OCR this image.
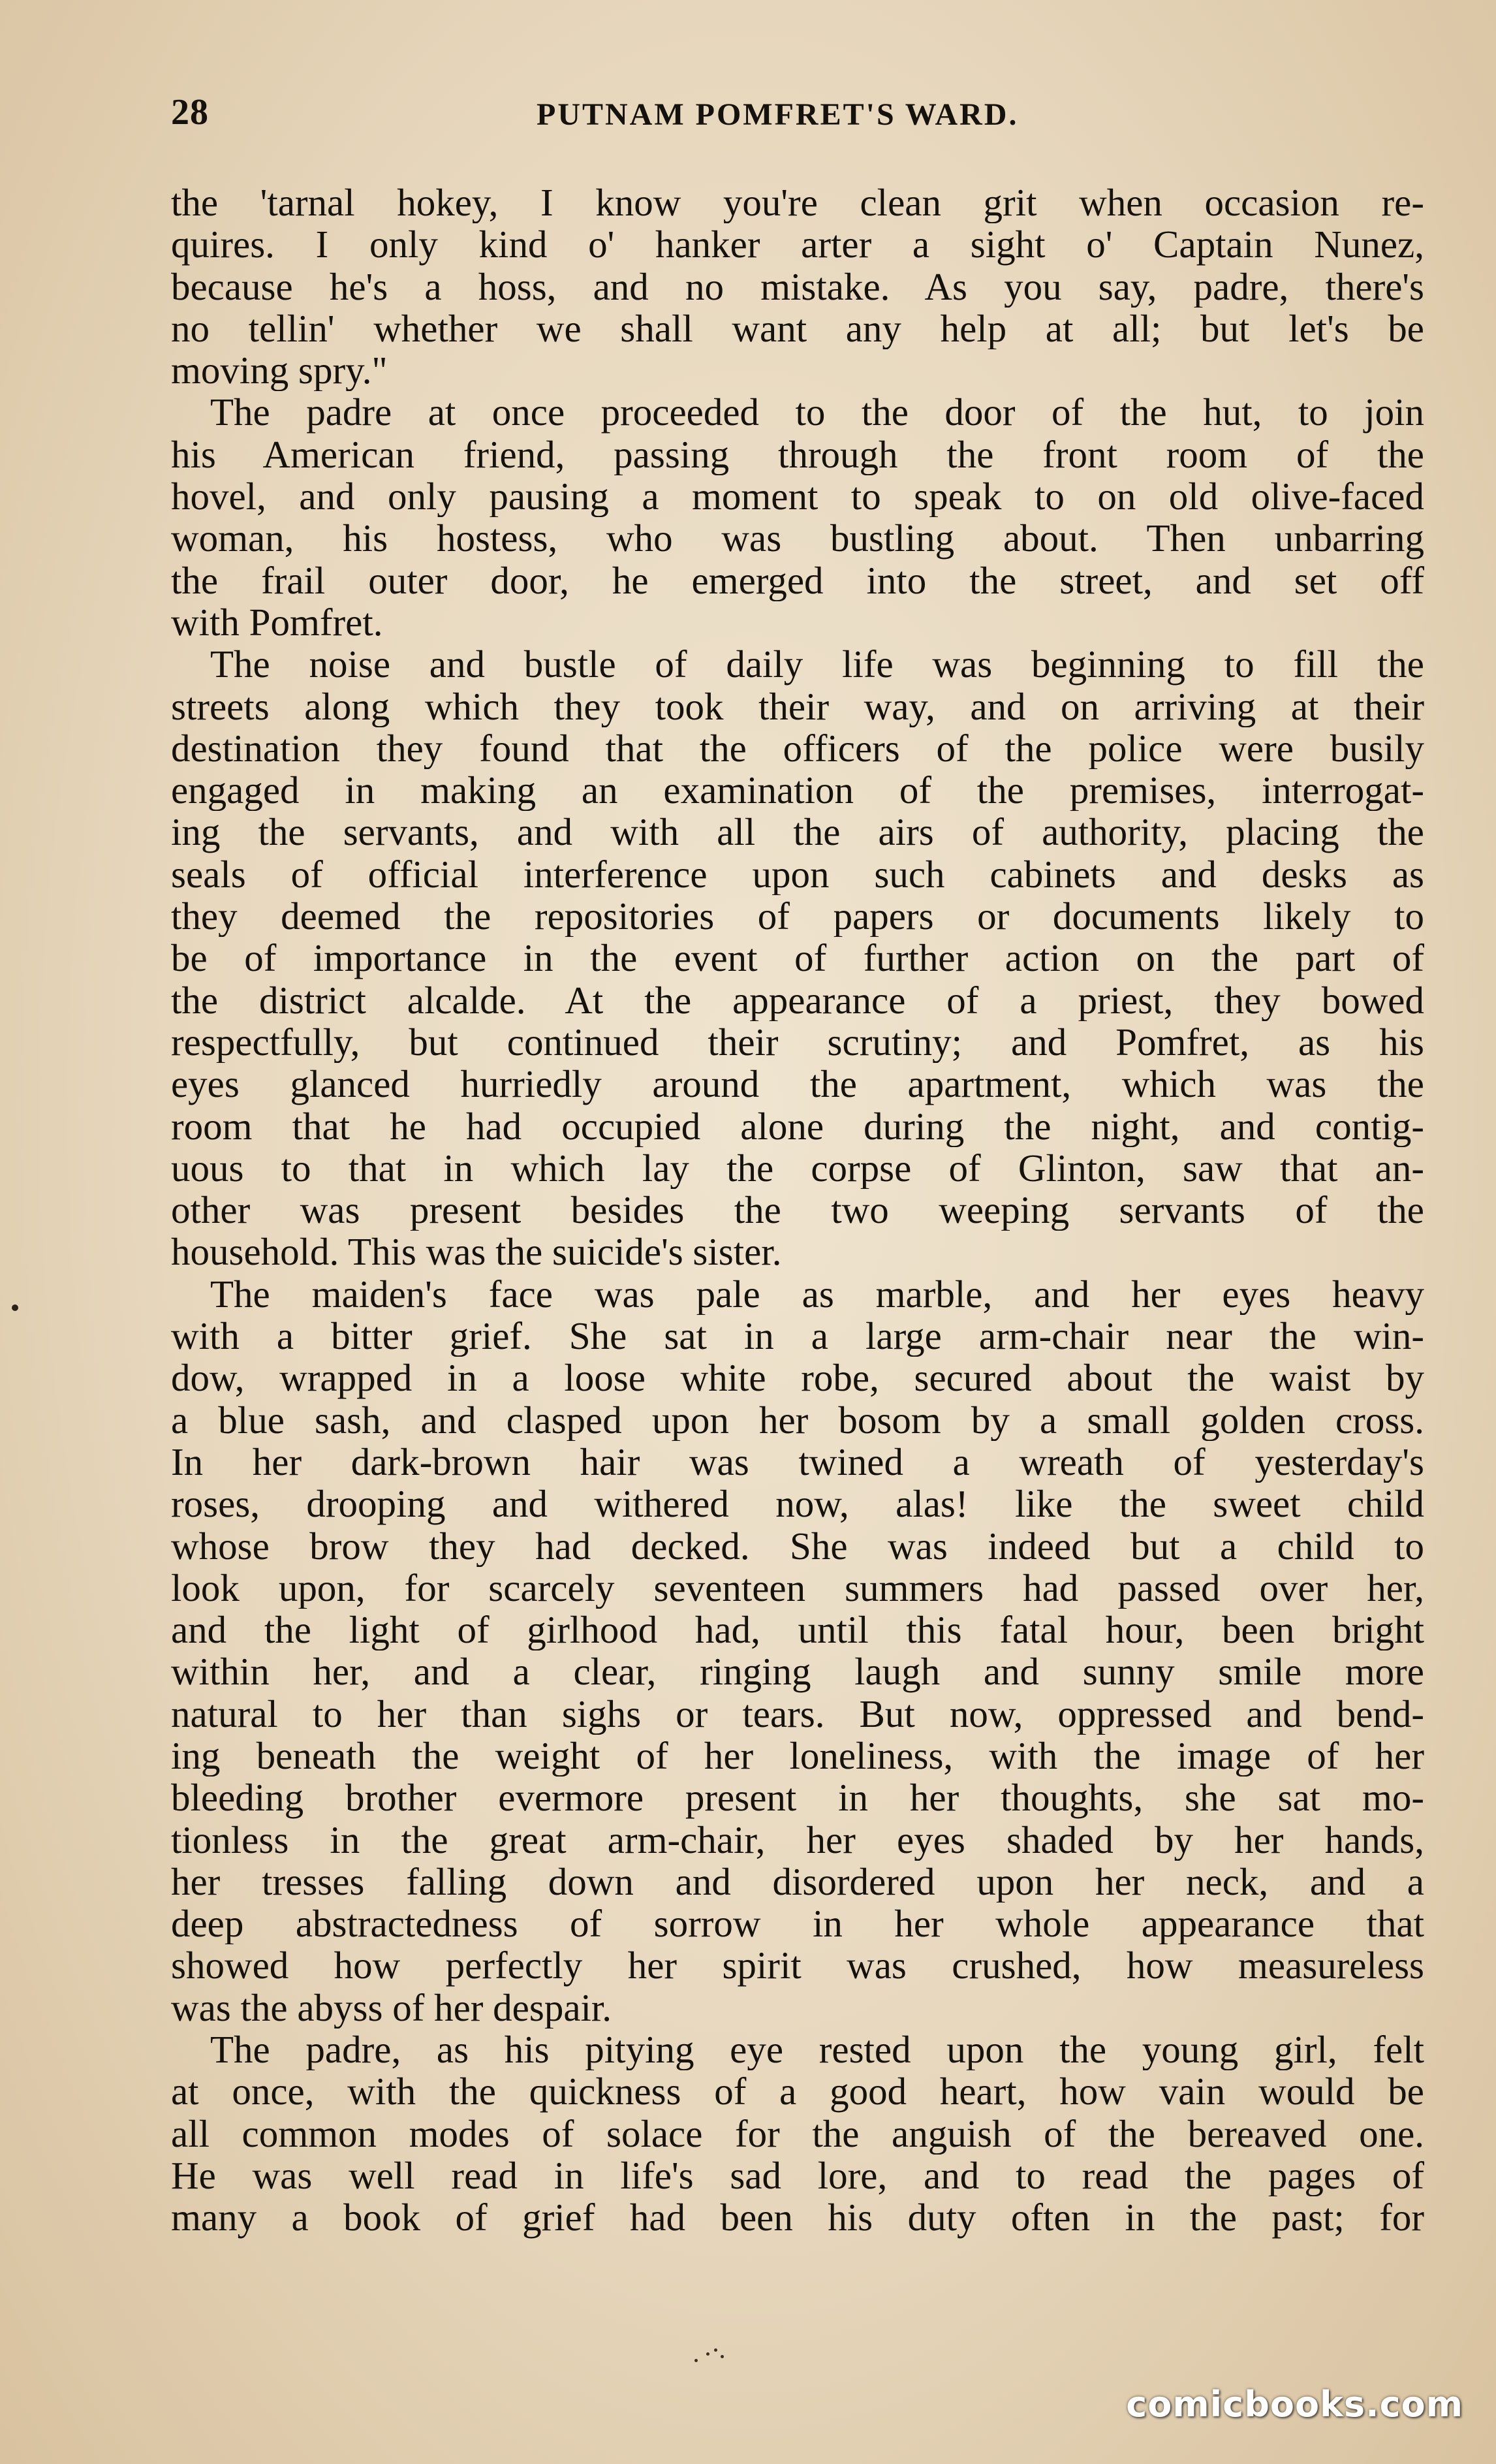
28	PUTNAM POMFRET'S WARD.
the 'tarnal hokey, I know you're clean grit when occasion re-
quires. I only kind o' hanker arter a sight o' Captain Nunez,
because he's a hoss, and no mistake. As you say, padre, there's
no tellin' whether we shall want any help at all; but let's be
moving spry."
The padre at once proceeded to the door of the hut, to join
his American friend, passing through the front room of the
hovel, and only pausing a moment to speak to on old olive-faced
woman, his hostess, who was bustling about. Then unbarring
the frail outer door, he emerged into the street, and set off
with Pomfret.
The noise and bustle of daily life was beginning to fill the
streets along which they took their way, and on arriving at their
destination they found that the officers of the police were busily
engaged in making an examination of the premises, interrogat-
ing the servants, and with all the airs of authority, placing the
seals of official interference upon such cabinets and desks as
they deemed the repositories of papers or documents likely to
be of importance in the event of further action on the part of
the district alcalde. At the appearance of a priest, they bowed
respectfully, but continued their scrutiny; and Pomfret, as his
eyes glanced hurriedly around the apartment, which was the
room that he had occupied alone during the night, and contig-
uous to that in which lay the corpse of Glinton, saw that an-
other was present besides the two weeping servants of the
household. This was the suicide's sister.
The maiden's face was pale as marble, and her eyes heavy
with a bitter grief. She sat in a large arm-chair near the win-
dow, wrapped in a loose white robe, secured about the waist by
a blue sash, and clasped upon her bosom by a small golden cross.
In her dark-brown hair was twined a wreath of yesterday's
roses, drooping and withered now, alas! like the sweet child
whose brow they had decked. She was indeed but a child to
look upon, for scarcely seventeen summers had passed over her,
and the light of girlhood had, until this fatal hour, been bright
within her, and a clear, ringing laugh and sunny smile more
natural to her than sighs or tears. But now, oppressed and bend-
ing beneath the weight of her loneliness, with the image of her
bleeding brother evermore present in her thoughts, she sat mo-
tionless in the great arm-chair, her eyes shaded by her hands,
her tresses falling down and disordered upon her neck, and a
deep abstractedness of sorrow in her whole appearance that
showed how perfectly her spirit was crushed, how measureless
was the abyss of her despair.
The padre, as his pitying eye rested upon the young girl, felt
at once, with the quickness of a good heart, how vain would be
all common modes of solace for the anguish of the bereaved one.
He was well read in life's sad lore, and to read the pages of
many a book of grief had been his duty often in the past; for
comicbooks.com
